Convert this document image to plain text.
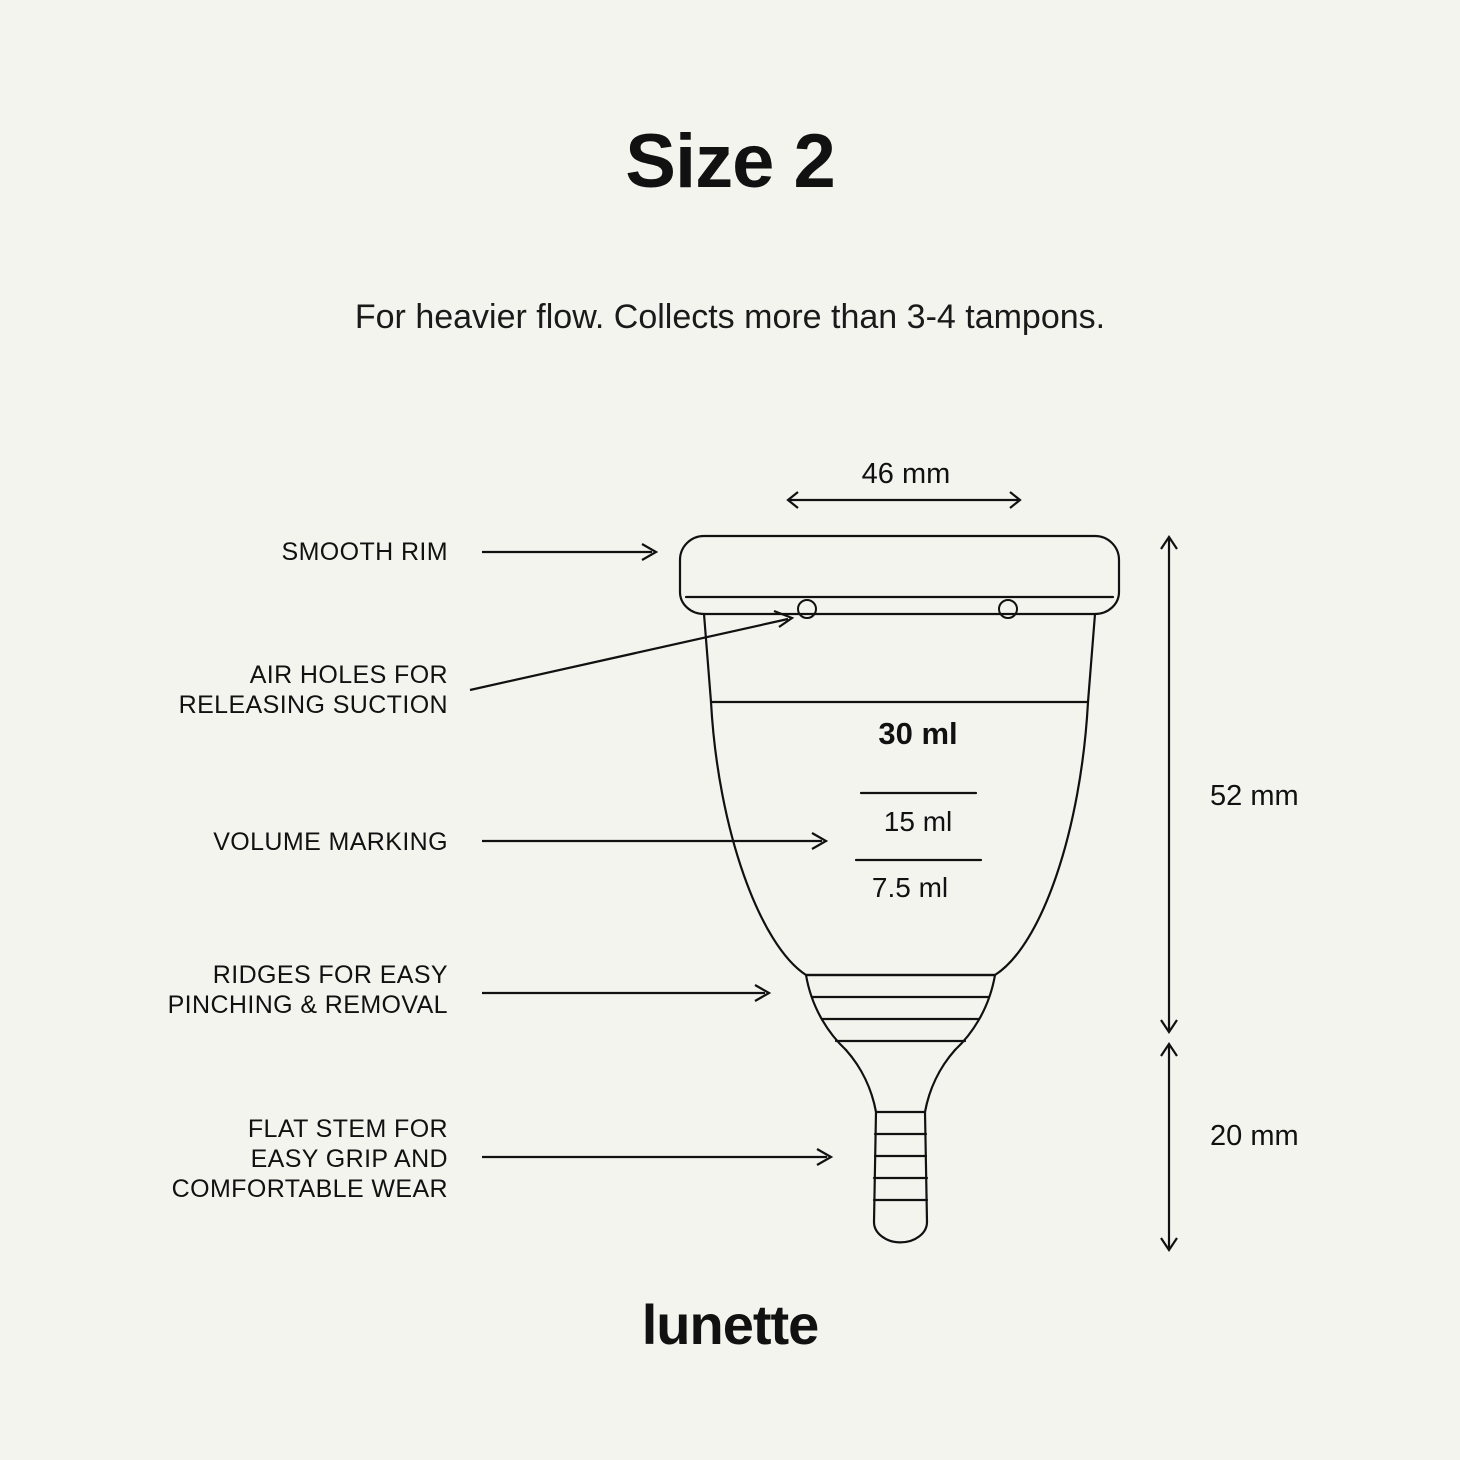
Size 2
For heavier flow. Collects more than 3-4 tampons.
30 ml
15 ml
7.5 ml
46 mm
52 mm
20 mm
SMOOTH RIM
AIR HOLES FOR
RELEASING SUCTION
VOLUME MARKING
RIDGES FOR EASY
PINCHING & REMOVAL
FLAT STEM FOR
EASY GRIP AND
COMFORTABLE WEAR
lunette
